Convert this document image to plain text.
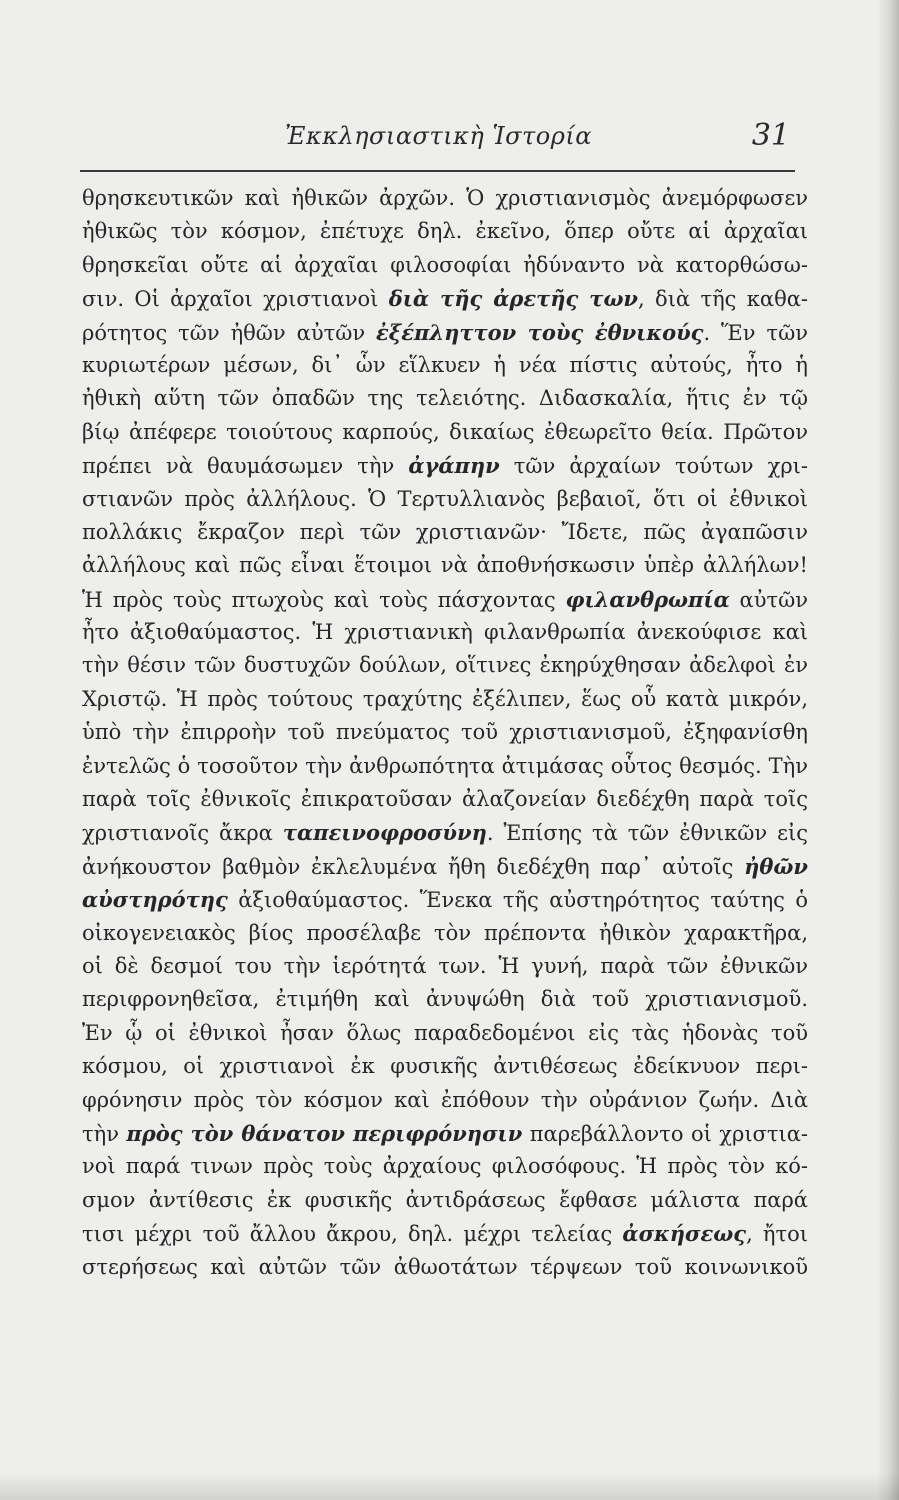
Ἐκκλησιαστικὴ Ἱστορία	31
θρησκευτικῶν καὶ ἠθικῶν ἀρχῶν. Ὁ χριστιανισμὸς ἀνεμόρφωσεν
ἠθικῶς τὸν κόσμον, ἐπέτυχε δηλ. ἐκεῖνο, ὅπερ οὔτε αἱ ἀρχαῖαι
θρησκεῖαι οὔτε αἱ ἀρχαῖαι φιλοσοφίαι ἠδύναντο νὰ κατορθώσω-
σιν. Οἱ ἀρχαῖοι χριστιανοὶ διὰ τῆς ἀρετῆς των, διὰ τῆς καθα-
ρότητος τῶν ἠθῶν αὐτῶν ἐξέπληττον τοὺς ἐθνικούς. Ἕν τῶν
κυριωτέρων μέσων, δι᾽ ὧν εἵλκυεν ἡ νέα πίστις αὐτούς, ἦτο ἡ
ἠθικὴ αὕτη τῶν ὀπαδῶν της τελειότης. Διδασκαλία, ἥτις ἐν τῷ
βίῳ ἀπέφερε τοιούτους καρπούς, δικαίως ἐθεωρεῖτο θεία. Πρῶτον
πρέπει νὰ θαυμάσωμεν τὴν ἀγάπην τῶν ἀρχαίων τούτων χρι-
στιανῶν πρὸς ἀλλήλους. Ὁ Τερτυλλιανὸς βεβαιοῖ, ὅτι οἱ ἐθνικοὶ
πολλάκις ἔκραζον περὶ τῶν χριστιανῶν· Ἴδετε, πῶς ἀγαπῶσιν
ἀλλήλους καὶ πῶς εἶναι ἕτοιμοι νὰ ἀποθνήσκωσιν ὑπὲρ ἀλλήλων!
Ἡ πρὸς τοὺς πτωχοὺς καὶ τοὺς πάσχοντας φιλανθρωπία αὐτῶν
ἦτο ἀξιοθαύμαστος. Ἡ χριστιανικὴ φιλανθρωπία ἀνεκούφισε καὶ
τὴν θέσιν τῶν δυστυχῶν δούλων, οἵτινες ἐκηρύχθησαν ἀδελφοὶ ἐν
Χριστῷ. Ἡ πρὸς τούτους τραχύτης ἐξέλιπεν, ἕως οὗ κατὰ μικρόν,
ὑπὸ τὴν ἐπιρροὴν τοῦ πνεύματος τοῦ χριστιανισμοῦ, ἐξηφανίσθη
ἐντελῶς ὁ τοσοῦτον τὴν ἀνθρωπότητα ἀτιμάσας οὗτος θεσμός. Τὴν
παρὰ τοῖς ἐθνικοῖς ἐπικρατοῦσαν ἀλαζονείαν διεδέχθη παρὰ τοῖς
χριστιανοῖς ἄκρα ταπεινοφροσύνη. Ἐπίσης τὰ τῶν ἐθνικῶν εἰς
ἀνήκουστον βαθμὸν ἐκλελυμένα ἤθη διεδέχθη παρ᾽ αὐτοῖς ἠθῶν
αὐστηρότης ἀξιοθαύμαστος. Ἕνεκα τῆς αὐστηρότητος ταύτης ὁ
οἰκογενειακὸς βίος προσέλαβε τὸν πρέποντα ἠθικὸν χαρακτῆρα,
οἱ δὲ δεσμοί του τὴν ἱερότητά των. Ἡ γυνή, παρὰ τῶν ἐθνικῶν
περιφρονηθεῖσα, ἐτιμήθη καὶ ἀνυψώθη διὰ τοῦ χριστιανισμοῦ.
Ἐν ᾧ οἱ ἐθνικοὶ ἦσαν ὅλως παραδεδομένοι εἰς τὰς ἡδονὰς τοῦ
κόσμου, οἱ χριστιανοὶ ἐκ φυσικῆς ἀντιθέσεως ἐδείκνυον περι-
φρόνησιν πρὸς τὸν κόσμον καὶ ἐπόθουν τὴν οὐράνιον ζωήν. Διὰ
τὴν πρὸς τὸν θάνατον περιφρόνησιν παρεβάλλοντο οἱ χριστια-
νοὶ παρά τινων πρὸς τοὺς ἀρχαίους φιλοσόφους. Ἡ πρὸς τὸν κό-
σμον ἀντίθεσις ἐκ φυσικῆς ἀντιδράσεως ἔφθασε μάλιστα παρά
τισι μέχρι τοῦ ἄλλου ἄκρου, δηλ. μέχρι τελείας ἀσκήσεως, ἤτοι
στερήσεως καὶ αὐτῶν τῶν ἀθωοτάτων τέρψεων τοῦ κοινωνικοῦ
